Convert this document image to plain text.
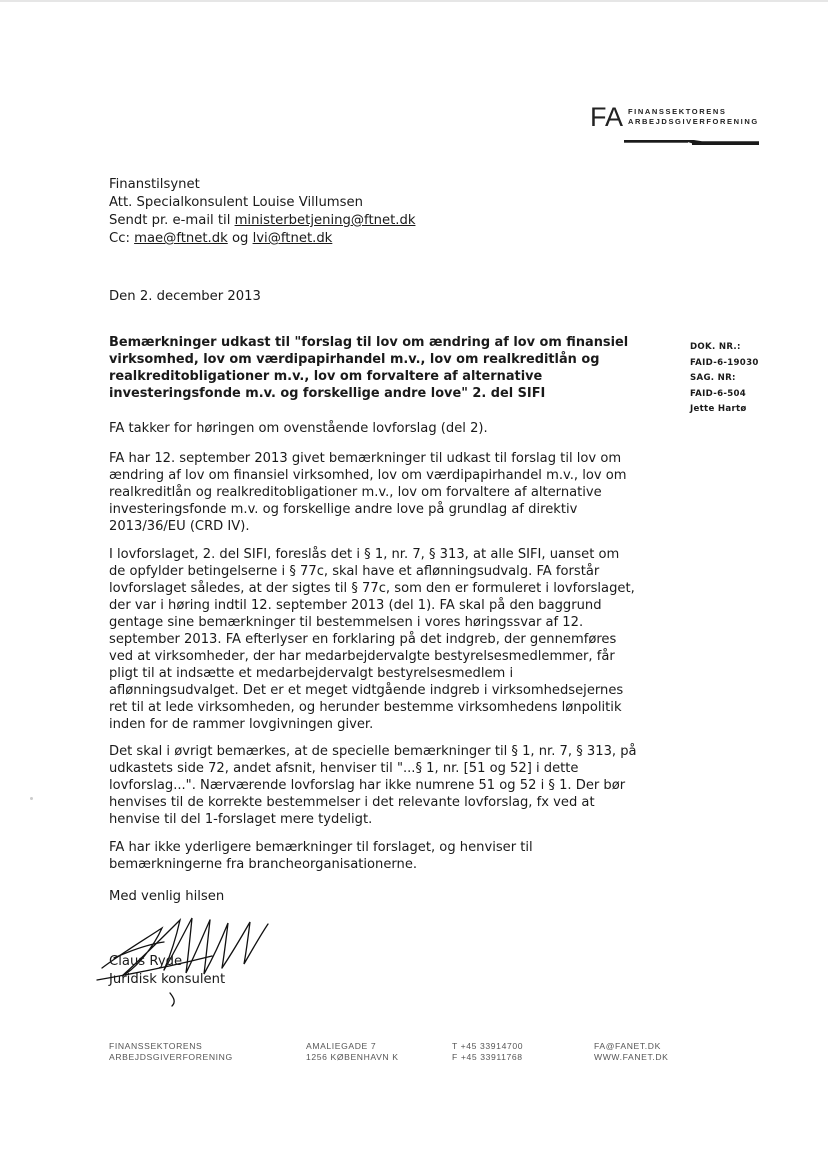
FA FINANSSEKTORENS
ARBEJDSGIVERFORENING
Finanstilsynet
Att. Specialkonsulent Louise Villumsen
Sendt pr. e-mail til ministerbetjening@ftnet.dk
Cc: mae@ftnet.dk og lvi@ftnet.dk
Den 2. december 2013
Bemærkninger udkast til "forslag til lov om ændring af lov om finansiel virksomhed, lov om værdipapirhandel m.v., lov om realkreditlån og realkreditobligationer m.v., lov om forvaltere af alternative investeringsfonde m.v. og forskellige andre love" 2. del SIFI
DOK. NR.:
FAID-6-19030
SAG. NR:
FAID-6-504
Jette Hartø

FA takker for høringen om ovenstående lovforslag (del 2).

FA har 12. september 2013 givet bemærkninger til udkast til forslag til lov om ændring af lov om finansiel virksomhed, lov om værdipapirhandel m.v., lov om realkreditlån og realkreditobligationer m.v., lov om forvaltere af alternative investeringsfonde m.v. og forskellige andre love på grundlag af direktiv 2013/36/EU (CRD IV).

I lovforslaget, 2. del SIFI, foreslås det i § 1, nr. 7, § 313, at alle SIFI, uanset om de opfylder betingelserne i § 77c, skal have et aflønningsudvalg. FA forstår lovforslaget således, at der sigtes til § 77c, som den er formuleret i lovforslaget, der var i høring indtil 12. september 2013 (del 1). FA skal på den baggrund gentage sine bemærkninger til bestemmelsen i vores høringssvar af 12. september 2013. FA efterlyser en forklaring på det indgreb, der gennemføres ved at virksomheder, der har medarbejdervalgte bestyrelsesmedlemmer, får pligt til at indsætte et medarbejdervalgt bestyrelsesmedlem i aflønningsudvalget. Det er et meget vidtgående indgreb i virksomhedsejernes ret til at lede virksomheden, og herunder bestemme virksomhedens lønpolitik inden for de rammer lovgivningen giver.

Det skal i øvrigt bemærkes, at de specielle bemærkninger til § 1, nr. 7, § 313, på udkastets side 72, andet afsnit, henviser til "...§ 1, nr. [51 og 52] i dette lovforslag...". Nærværende lovforslag har ikke numrene 51 og 52 i § 1. Der bør henvises til de korrekte bestemmelser i det relevante lovforslag, fx ved at henvise til del 1-forslaget mere tydeligt.

FA har ikke yderligere bemærkninger til forslaget, og henviser til bemærkningerne fra brancheorganisationerne.

Med venlig hilsen
Claus Ryde
Juridisk konsulent
FINANSSEKTORENS
ARBEJDSGIVERFORENING
AMALIEGADE 7
1256 KØBENHAVN K
T +45 33914700
F +45 33911768
FA@FANET.DK
WWW.FANET.DK
